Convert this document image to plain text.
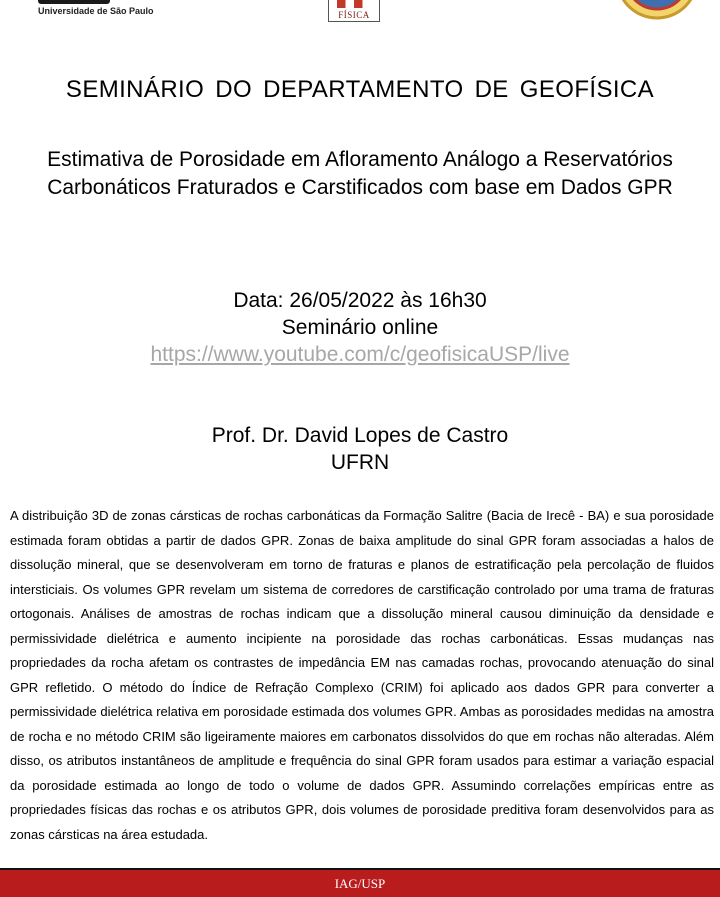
Universidade de São Paulo	FÍSICA
SEMINÁRIO DO DEPARTAMENTO DE GEOFÍSICA
Estimativa de Porosidade em Afloramento Análogo a Reservatórios
Carbonáticos Fraturados e Carstificados com base em Dados GPR
Data: 26/05/2022 às 16h30
Seminário online
https://www.youtube.com/c/geofisicaUSP/live
Prof. Dr. David Lopes de Castro
UFRN

A distribuição 3D de zonas cársticas de rochas carbonáticas da Formação Salitre (Bacia de Irecê - BA) e sua porosidade estimada foram obtidas a partir de dados GPR. Zonas de baixa amplitude do sinal GPR foram associadas a halos de dissolução mineral, que se desenvolveram em torno de fraturas e planos de estratificação pela percolação de fluidos intersticiais. Os volumes GPR revelam um sistema de corredores de carstificação controlado por uma trama de fraturas ortogonais. Análises de amostras de rochas indicam que a dissolução mineral causou diminuição da densidade e permissividade dielétrica e aumento incipiente na porosidade das rochas carbonáticas. Essas mudanças nas propriedades da rocha afetam os contrastes de impedância EM nas camadas rochas, provocando atenuação do sinal GPR refletido. O método do Índice de Refração Complexo (CRIM) foi aplicado aos dados GPR para converter a permissividade dielétrica relativa em porosidade estimada dos volumes GPR. Ambas as porosidades medidas na amostra de rocha e no método CRIM são ligeiramente maiores em carbonatos dissolvidos do que em rochas não alteradas. Além disso, os atributos instantâneos de amplitude e frequência do sinal GPR foram usados para estimar a variação espacial da porosidade estimada ao longo de todo o volume de dados GPR. Assumindo correlações empíricas entre as propriedades físicas das rochas e os atributos GPR, dois volumes de porosidade preditiva foram desenvolvidos para as zonas cársticas na área estudada.

IAG/USP
